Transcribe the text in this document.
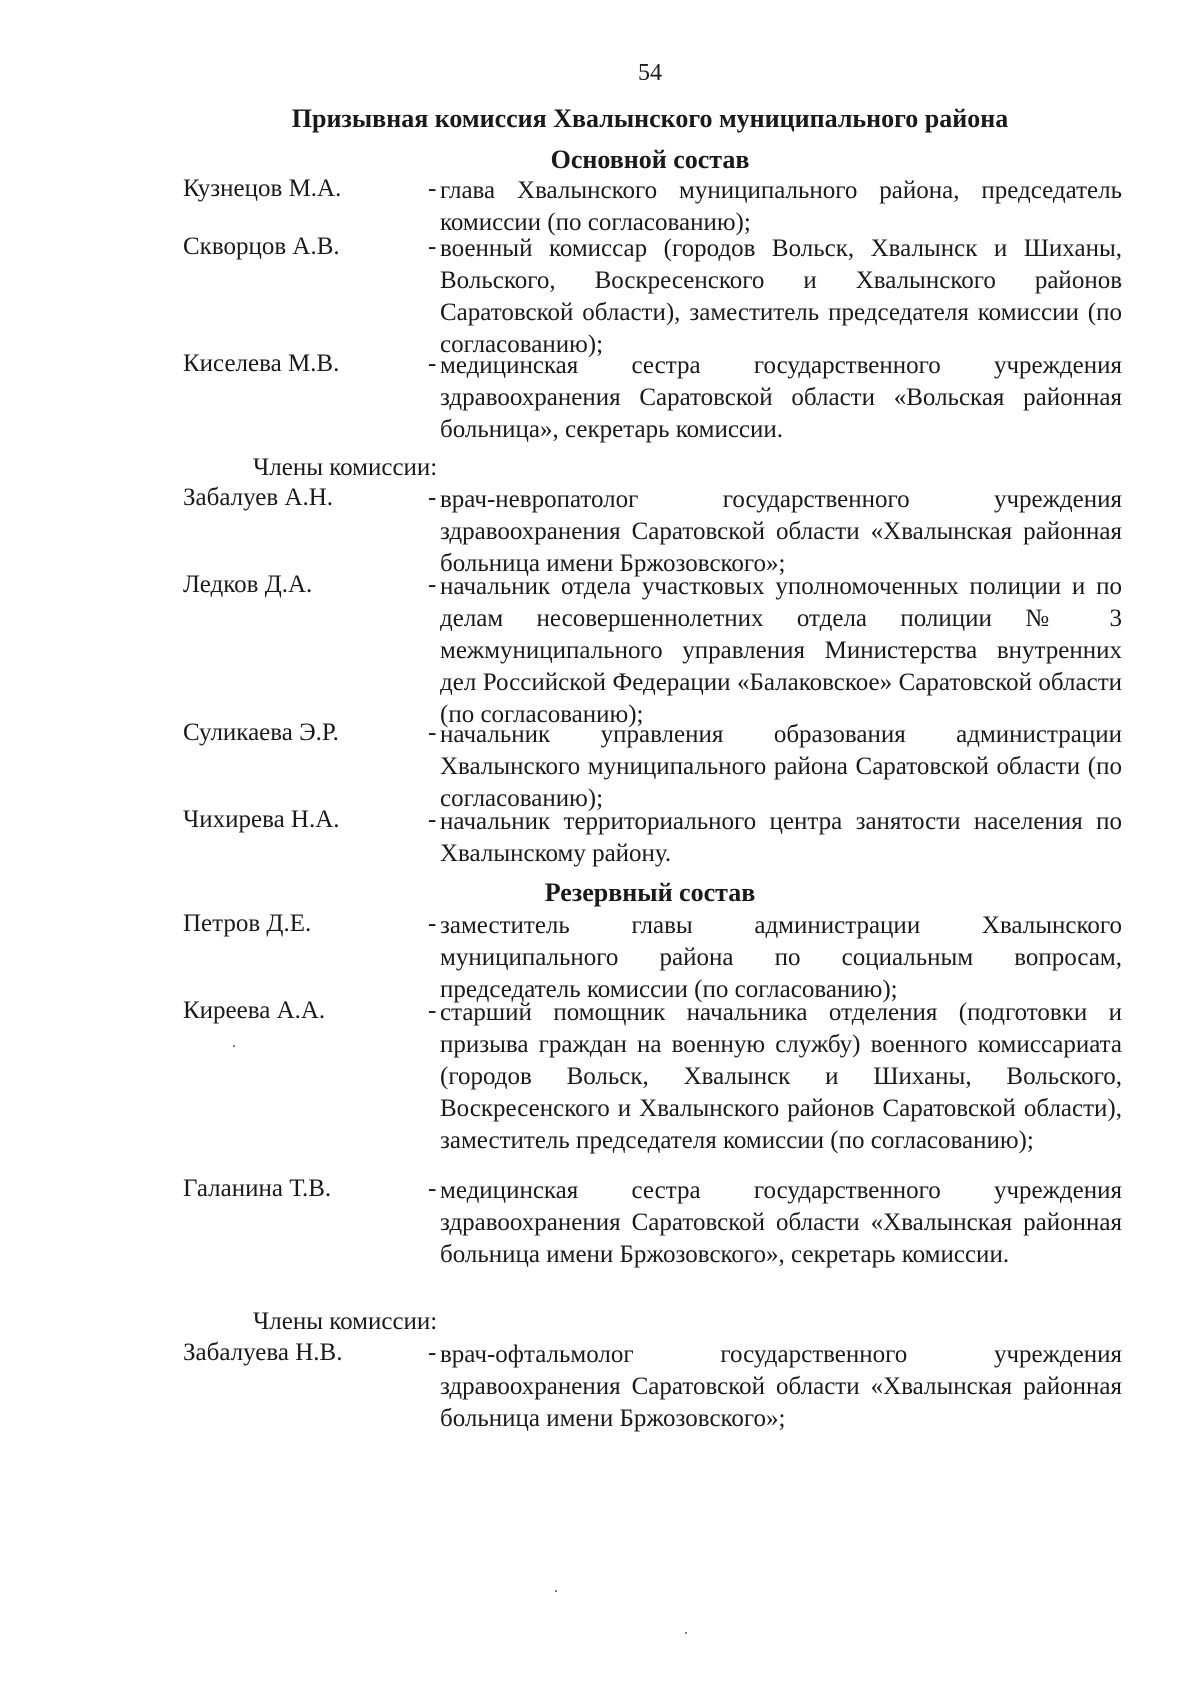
54
Призывная комиссия Хвалынского муниципального района
Основной состав
Кузнецов М.А.	- глава Хвалынского муниципального района, председатель комиссии (по согласованию);
Скворцов А.В.	- военный комиссар (городов Вольск, Хвалынск и Шиханы, Вольского, Воскресенского и Хвалынского районов Саратовской области), заместитель председателя комиссии (по согласованию);
Киселева М.В.	- медицинская сестра государственного учреждения здравоохранения Саратовской области «Вольская районная больница», секретарь комиссии.
Члены комиссии:
Забалуев А.Н.	- врач-невропатолог государственного учреждения здравоохранения Саратовской области «Хвалынская районная больница имени Бржозовского»;
Ледков Д.А.	- начальник отдела участковых уполномоченных полиции и по делам несовершеннолетних отдела полиции № 3 межмуниципального управления Министерства внутренних дел Российской Федерации «Балаковское» Саратовской области (по согласованию);
Суликаева Э.Р.	- начальник управления образования администрации Хвалынского муниципального района Саратовской области (по согласованию);
Чихирева Н.А.	- начальник территориального центра занятости населения по Хвалынскому району.
Резервный состав
Петров Д.Е.	- заместитель главы администрации Хвалынского муниципального района по социальным вопросам, председатель комиссии (по согласованию);
Киреева А.А.	- старший помощник начальника отделения (подготовки и призыва граждан на военную службу) военного комиссариата (городов Вольск, Хвалынск и Шиханы, Вольского, Воскресенского и Хвалынского районов Саратовской области), заместитель председателя комиссии (по согласованию);
Галанина Т.В.	- медицинская сестра государственного учреждения здравоохранения Саратовской области «Хвалынская районная больница имени Бржозовского», секретарь комиссии.
Члены комиссии:
Забалуева Н.В.	- врач-офтальмолог государственного учреждения здравоохранения Саратовской области «Хвалынская районная больница имени Бржозовского»;
